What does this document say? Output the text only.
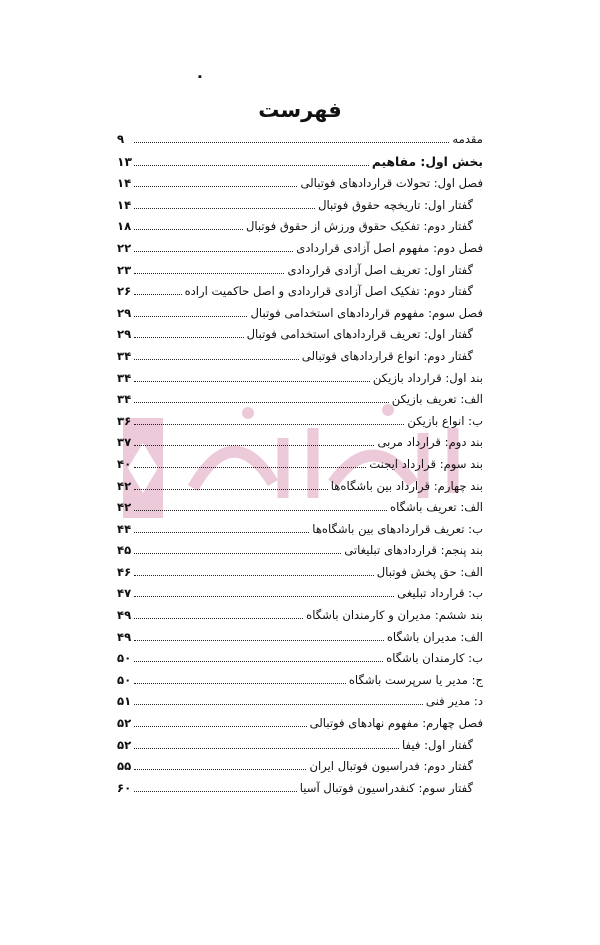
۰
فهرست
مقدمه
۹
بخش اول: مفاهیم
۱۳
فصل اول: تحولات قراردادهای فوتبالی
۱۴
گفتار اول: تاریخچه حقوق فوتبال
۱۴
گفتار دوم: تفکیک حقوق ورزش از حقوق فوتبال
۱۸
فصل دوم: مفهوم اصل آزادی قراردادی
۲۲
گفتار اول: تعریف اصل آزادی قراردادی
۲۳
گفتار دوم: تفکیک اصل آزادی قراردادی و اصل حاکمیت اراده
۲۶
فصل سوم: مفهوم قراردادهای استخدامی فوتبال
۲۹
گفتار اول: تعریف قراردادهای استخدامی فوتبال
۲۹
گفتار دوم: انواع قراردادهای فوتبالی
۳۴
بند اول: قرارداد بازیکن
۳۴
الف: تعریف بازیکن
۳۴
ب: انواع بازیکن
۳۶
بند دوم: قرارداد مربی
۳۷
بند سوم: قرارداد ایجنت
۴۰
بند چهارم: قرارداد بین باشگاه‌ها
۴۲
الف: تعریف باشگاه
۴۲
ب: تعریف قراردادهای بین باشگاه‌ها
۴۴
بند پنجم: قراردادهای تبلیغاتی
۴۵
الف: حق پخش فوتبال
۴۶
ب: قرارداد تبلیغی
۴۷
بند ششم: مدیران و کارمندان باشگاه
۴۹
الف: مدیران باشگاه
۴۹
ب: کارمندان باشگاه
۵۰
ج: مدیر یا سرپرست باشگاه
۵۰
د: مدیر فنی
۵۱
فصل چهارم: مفهوم نهادهای فوتبالی
۵۲
گفتار اول: فیفا
۵۲
گفتار دوم: فدراسیون فوتبال ایران
۵۵
گفتار سوم: کنفدراسیون فوتبال آسیا
۶۰
